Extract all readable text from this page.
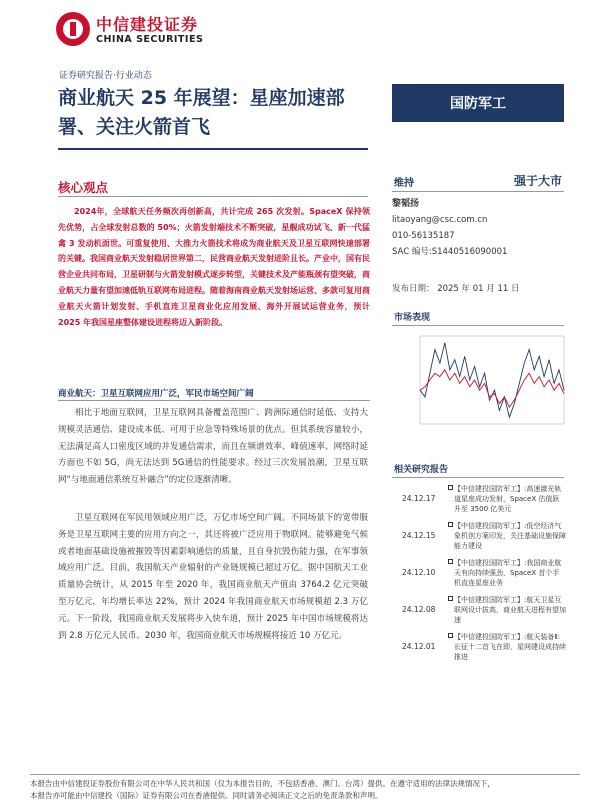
中信建投证券
CHINA SECURITIES
证券研究报告·行业动态
商业航天 25 年展望：星座加速部署、关注火箭首飞
国防军工
核心观点
2024年，全球航天任务频次再创新高，共计完成 265 次发射。SpaceX 保持领先优势，占全球发射总数的 50%；火箭发射端技术不断突破，星舰成功试飞、新一代猛禽 3 发动机面世。可重复使用、大推力火箭技术将成为商业航天及卫星互联网快速部署的关键。我国商业航天发射稳居世界第二，民营商业航天发射进阶且长。产业中，国有民营企业共同布局，卫星研制与火箭发射模式逐步转型，关键技术及产能瓶颈有望突破，商业航天力量有望加速低轨互联网布局进程。随着海南商业航天发射场运营、多款可复用商业航天火箭计划发射、手机直连卫星商业化应用发展、海外开展试运营业务，预计 2025 年我国星座整体建设进程将迈入新阶段。
商业航天：卫星互联网应用广泛，军民市场空间广阔
相比于地面互联网，卫星互联网具备覆盖范围广、跨洲际通信时延低、支持大规模灵活通信、建设成本低、可用于应急等特殊场景的优点。但其系统容量较小，无法满足高人口密度区域的并发通信需求，而且在频谱效率、峰值速率、网络时延方面也不如 5G，尚无法达到 5G通信的性能要求。经过三次发展浪潮，卫星互联网“与地面通信系统互补融合”的定位逐渐清晰。
卫星互联网在军民用领域应用广泛，万亿市场空间广阔。不同场景下的宽带服务是卫星互联网主要的应用方向之一，其还将被广泛应用于物联网。能够避免气候或者地面基础设施被摧毁等因素影响通信的质量，且自身抗毁伤能力强，在军事领域应用广泛。目前，我国航天产业辐射的产业链规模已超过万亿。据中国航天工业质量协会统计，从 2015 年至 2020 年，我国商业航天产值由 3764.2 亿元突破至万亿元，年均增长率达 22%，预计 2024 年我国商业航天市场规模超 2.3 万亿元。下一阶段，我国商业航天发展将步入快车道，预计 2025 年中国市场规模将达到 2.8 万亿元人民币。2030 年，我国商业航天市场规模将接近 10 万亿元。
维持	强于大市
黎韬扬
litaoyang@csc.com.cn
010-56135187
SAC 编号:S1440516090001
发布日期： 2025 年 01 月 11 日
市场表现
相关研究报告
24.12.17
【中信建投国防军工】:高速激光轨道星座成功发射，SpaceX 估值跃升至 3500 亿美元
24.12.15
【中信建投国防军工】:低空经济气象机创方案印发，关注基础设施保障能力建设
24.12.10
【中信建投国防军工】:我国商业航天有向持续强劲，SpaceX 首个手机直连星座业务
24.12.08
【中信建投国防军工】:航天卫星互联网设计拔高，商业航天进程有望加速
24.12.01
【中信建投国防军工】:航天装备Ⅱ:长征十二首飞在即，星网建设成持续推进
本报告由中信建投证券股份有限公司在中华人民共和国（仅为本报告目的，不包括香港、澳门、台湾）提供。在遵守适用的法律法规情况下，
本报告亦可能由中信建投（国际）证券有限公司在香港提供。同时请务必阅读正文之后的免责条款和声明。
